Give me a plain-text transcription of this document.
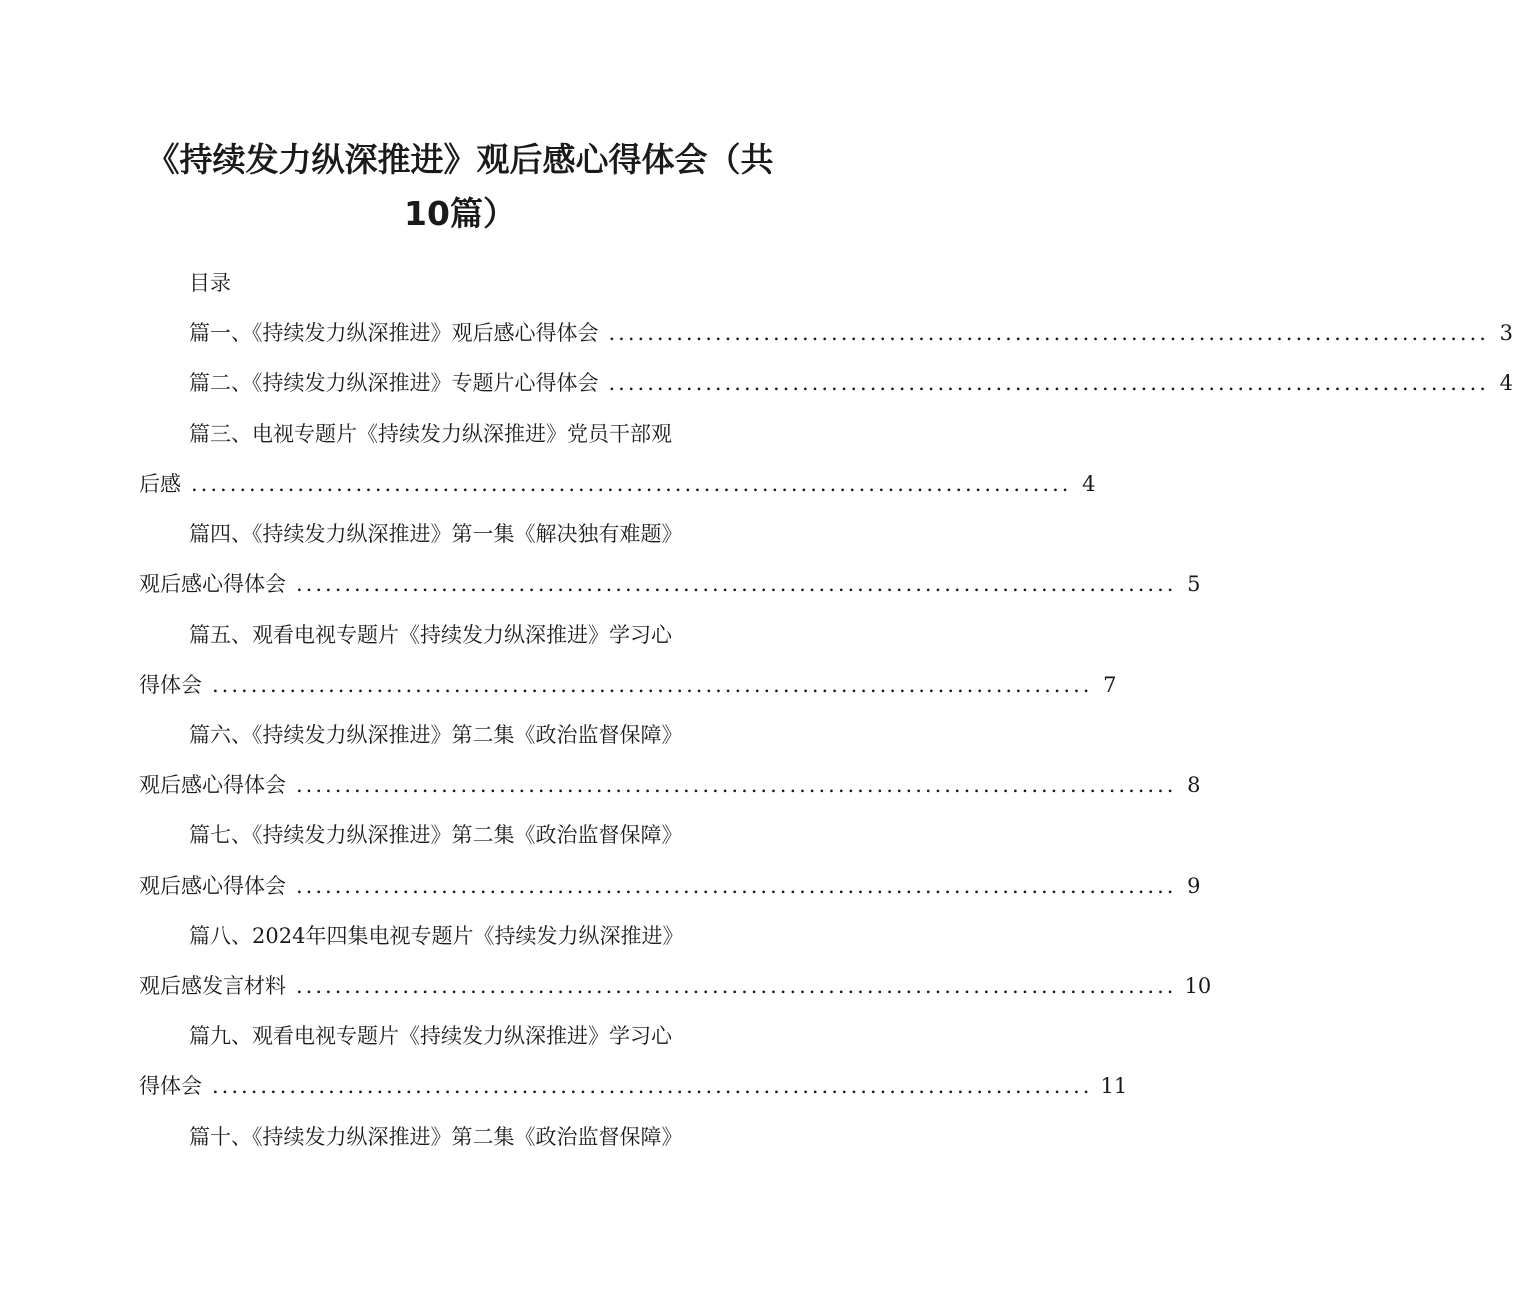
《持续发力纵深推进》观后感心得体会（共
10篇）
目录
篇一、《持续发力纵深推进》观后感心得体会 ........................................................................................... 3
篇二、《持续发力纵深推进》专题片心得体会 ........................................................................................... 4
篇三、电视专题片《持续发力纵深推进》党员干部观
后感 ........................................................................................... 4
篇四、《持续发力纵深推进》第一集《解决独有难题》
观后感心得体会 ........................................................................................... 5
篇五、观看电视专题片《持续发力纵深推进》学习心
得体会 ........................................................................................... 7
篇六、《持续发力纵深推进》第二集《政治监督保障》
观后感心得体会 ........................................................................................... 8
篇七、《持续发力纵深推进》第二集《政治监督保障》
观后感心得体会 ........................................................................................... 9
篇八、2024年四集电视专题片《持续发力纵深推进》
观后感发言材料 ........................................................................................... 10
篇九、观看电视专题片《持续发力纵深推进》学习心
得体会 ........................................................................................... 11
篇十、《持续发力纵深推进》第二集《政治监督保障》
